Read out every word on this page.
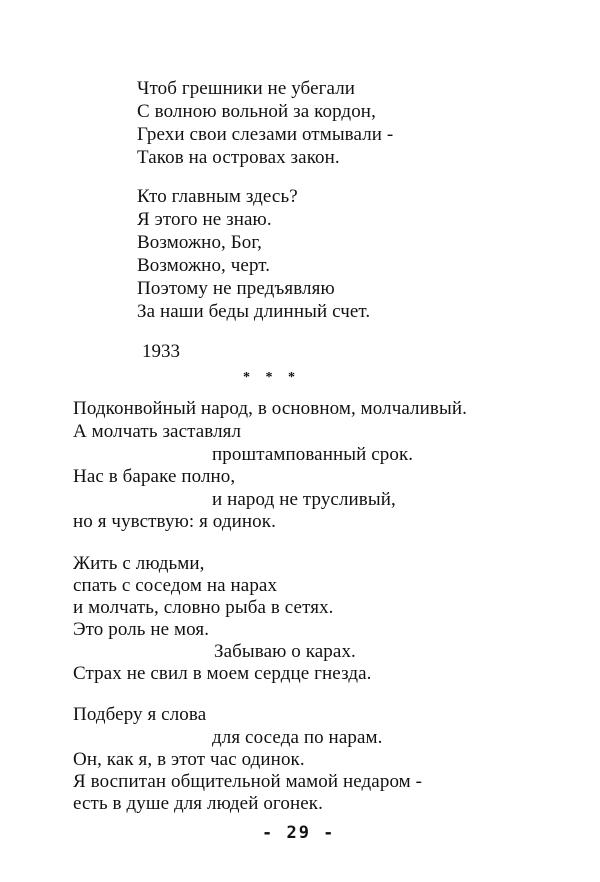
Чтоб грешники не убегали
С волною вольной за кордон,
Грехи свои слезами отмывали -
Таков на островах закон.
Кто главным здесь?
Я этого не знаю.
Возможно, Бог,
Возможно, черт.
Поэтому не предъявляю
За наши беды длинный счет.
1933
* * *
Подконвойный народ, в основном, молчаливый.
А молчать заставлял
проштампованный срок.
Нас в бараке полно,
и народ не трусливый,
но я чувствую: я одинок.
Жить с людьми,
спать с соседом на нарах
и молчать, словно рыба в сетях.
Это роль не моя.
Забываю о карах.
Страх не свил в моем сердце гнезда.
Подберу я слова
для соседа по нарам.
Он, как я, в этот час одинок.
Я воспитан общительной мамой недаром -
есть в душе для людей огонек.
- 29 -
